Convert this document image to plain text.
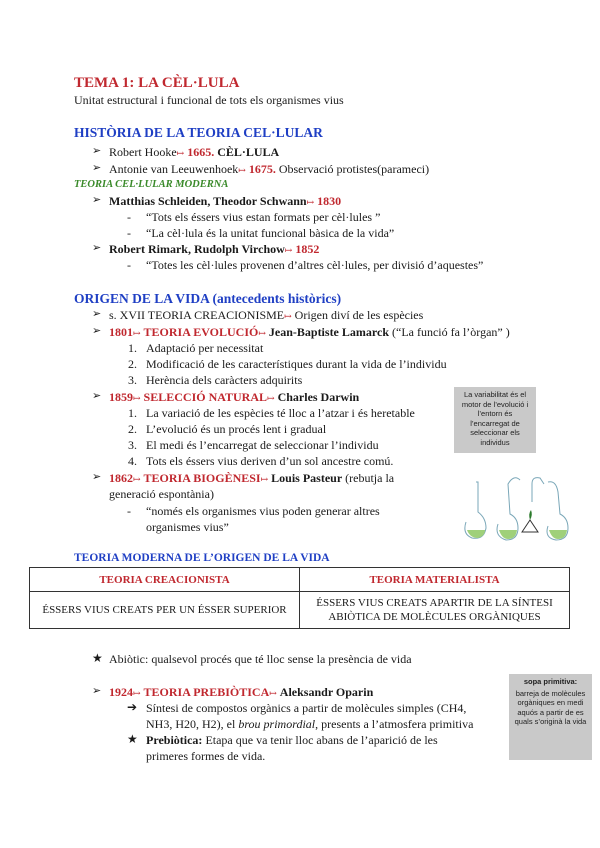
TEMA 1: LA CÈL·LULA
Unitat estructural i funcional de tots els organismes vius
HISTÒRIA DE LA TEORIA CEL·LULAR
➢ Robert Hooke↦ 1665. CÈL·LULA
➢ Antonie van Leeuwenhoek↦ 1675. Observació protistes(parameci)
TEORIA CEL·LULAR MODERNA
➢ Matthias Schleiden, Theodor Schwann↦ 1830
- “Tots els éssers vius estan formats per cèl·lules ”
- “La cèl·lula és la unitat funcional bàsica de la vida”
➢ Robert Rimark, Rudolph Virchow↦ 1852
- “Totes les cèl·lules provenen d’altres cèl·lules, per divisió d’aquestes”
ORIGEN DE LA VIDA (antecedents històrics)
➢ s. XVII TEORIA CREACIONISME↦ Origen diví de les espècies
➢ 1801↦ TEORIA EVOLUCIÓ↦ Jean-Baptiste Lamarck (“La funció fa l’òrgan” )
1. Adaptació per necessitat
2. Modificació de les característiques durant la vida de l’individu
3. Herència dels caràcters adquirits
➢ 1859↦ SELECCIÓ NATURAL↦ Charles Darwin
1. La variació de les espècies té lloc a l’atzar i és heretable
2. L’evolució és un procés lent i gradual
3. El medi és l’encarregat de seleccionar l’individu
4. Tots els éssers vius deriven d’un sol ancestre comú.
La variabilitat és el motor de l’evolució i l’entorn és l’encarregat de seleccionar els individus
➢ 1862↦ TEORIA BIOGÈNESI↦ Louis Pasteur (rebutja la
generació espontània)
- “només els organismes vius poden generar altres
organismes vius”
TEORIA MODERNA DE L’ORIGEN DE LA VIDA
TEORIA CREACIONISTA	TEORIA MATERIALISTA
ÉSSERS VIUS CREATS PER UN ÉSSER SUPERIOR	ÉSSERS VIUS CREATS APARTIR DE LA SÍNTESI
ABIÒTICA DE MOLÈCULES ORGÀNIQUES
★ Abiòtic: qualsevol procés que té lloc sense la presència de vida
➢ 1924↦ TEORIA PREBIÒTICA↦ Aleksandr Oparin
➔ Síntesi de compostos orgànics a partir de molècules simples (CH4,
NH3, H20, H2), el brou primordial, presents a l’atmosfera primitiva
★ Prebiòtica: Etapa que va tenir lloc abans de l’aparició de les
primeres formes de vida.
sopa primitiva:
barreja de molècules orgàniques en medi aquós a partir de es quals s’originà la vida
